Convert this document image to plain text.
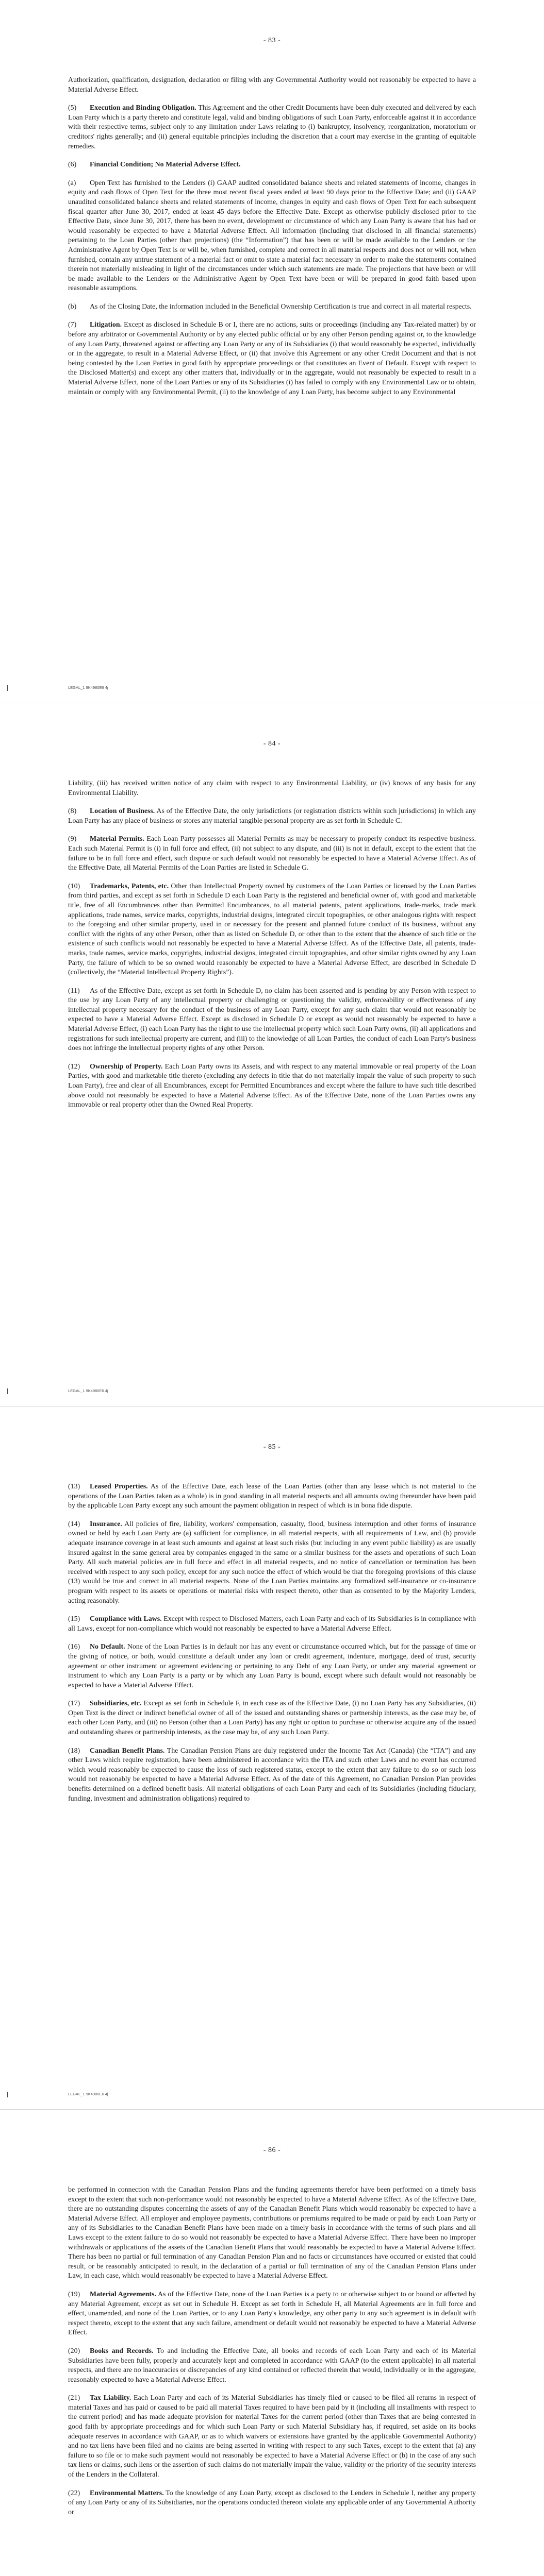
- 83 -

Authorization, qualification, designation, declaration or filing with any Governmental Authority would not reasonably be expected to have a Material Adverse Effect.

(5) Execution and Binding Obligation. This Agreement and the other Credit Documents have been duly executed and delivered by each Loan Party which is a party thereto and constitute legal, valid and binding obligations of such Loan Party, enforceable against it in accordance with their respective terms, subject only to any limitation under Laws relating to (i) bankruptcy, insolvency, reorganization, moratorium or creditors' rights generally; and (ii) general equitable principles including the discretion that a court may exercise in the granting of equitable remedies.

(6) Financial Condition; No Material Adverse Effect.

(a) Open Text has furnished to the Lenders (i) GAAP audited consolidated balance sheets and related statements of income, changes in equity and cash flows of Open Text for the three most recent fiscal years ended at least 90 days prior to the Effective Date; and (ii) GAAP unaudited consolidated balance sheets and related statements of income, changes in equity and cash flows of Open Text for each subsequent fiscal quarter after June 30, 2017, ended at least 45 days before the Effective Date. Except as otherwise publicly disclosed prior to the Effective Date, since June 30, 2017, there has been no event, development or circumstance of which any Loan Party is aware that has had or would reasonably be expected to have a Material Adverse Effect. All information (including that disclosed in all financial statements) pertaining to the Loan Parties (other than projections) (the “Information”) that has been or will be made available to the Lenders or the Administrative Agent by Open Text is or will be, when furnished, complete and correct in all material respects and does not or will not, when furnished, contain any untrue statement of a material fact or omit to state a material fact necessary in order to make the statements contained therein not materially misleading in light of the circumstances under which such statements are made. The projections that have been or will be made available to the Lenders or the Administrative Agent by Open Text have been or will be prepared in good faith based upon reasonable assumptions.

(b) As of the Closing Date, the information included in the Beneficial Ownership Certification is true and correct in all material respects.

(7) Litigation. Except as disclosed in Schedule B or I, there are no actions, suits or proceedings (including any Tax-related matter) by or before any arbitrator or Governmental Authority or by any elected public official or by any other Person pending against or, to the knowledge of any Loan Party, threatened against or affecting any Loan Party or any of its Subsidiaries (i) that would reasonably be expected, individually or in the aggregate, to result in a Material Adverse Effect, or (ii) that involve this Agreement or any other Credit Document and that is not being contested by the Loan Parties in good faith by appropriate proceedings or that constitutes an Event of Default. Except with respect to the Disclosed Matter(s) and except any other matters that, individually or in the aggregate, would not reasonably be expected to result in a Material Adverse Effect, none of the Loan Parties or any of its Subsidiaries (i) has failed to comply with any Environmental Law or to obtain, maintain or comply with any Environmental Permit, (ii) to the knowledge of any Loan Party, has become subject to any Environmental

LEGAL_1 9K4980E6 4j
- 84 -

Liability, (iii) has received written notice of any claim with respect to any Environmental Liability, or (iv) knows of any basis for any Environmental Liability.

(8) Location of Business. As of the Effective Date, the only jurisdictions (or registration districts within such jurisdictions) in which any Loan Party has any place of business or stores any material tangible personal property are as set forth in Schedule C.

(9) Material Permits. Each Loan Party possesses all Material Permits as may be necessary to properly conduct its respective business. Each such Material Permit is (i) in full force and effect, (ii) not subject to any dispute, and (iii) is not in default, except to the extent that the failure to be in full force and effect, such dispute or such default would not reasonably be expected to have a Material Adverse Effect. As of the Effective Date, all Material Permits of the Loan Parties are listed in Schedule G.

(10) Trademarks, Patents, etc. Other than Intellectual Property owned by customers of the Loan Parties or licensed by the Loan Parties from third parties, and except as set forth in Schedule D each Loan Party is the registered and beneficial owner of, with good and marketable title, free of all Encumbrances other than Permitted Encumbrances, to all material patents, patent applications, trade-marks, trade mark applications, trade names, service marks, copyrights, industrial designs, integrated circuit topographies, or other analogous rights with respect to the foregoing and other similar property, used in or necessary for the present and planned future conduct of its business, without any conflict with the rights of any other Person, other than as listed on Schedule D, or other than to the extent that the absence of such title or the existence of such conflicts would not reasonably be expected to have a Material Adverse Effect. As of the Effective Date, all patents, trade-marks, trade names, service marks, copyrights, industrial designs, integrated circuit topographies, and other similar rights owned by any Loan Party, the failure of which to be so owned would reasonably be expected to have a Material Adverse Effect, are described in Schedule D (collectively, the “Material Intellectual Property Rights”).

(11) As of the Effective Date, except as set forth in Schedule D, no claim has been asserted and is pending by any Person with respect to the use by any Loan Party of any intellectual property or challenging or questioning the validity, enforceability or effectiveness of any intellectual property necessary for the conduct of the business of any Loan Party, except for any such claim that would not reasonably be expected to have a Material Adverse Effect. Except as disclosed in Schedule D or except as would not reasonably be expected to have a Material Adverse Effect, (i) each Loan Party has the right to use the intellectual property which such Loan Party owns, (ii) all applications and registrations for such intellectual property are current, and (iii) to the knowledge of all Loan Parties, the conduct of each Loan Party's business does not infringe the intellectual property rights of any other Person.

(12) Ownership of Property. Each Loan Party owns its Assets, and with respect to any material immovable or real property of the Loan Parties, with good and marketable title thereto (excluding any defects in title that do not materially impair the value of such property to such Loan Party), free and clear of all Encumbrances, except for Permitted Encumbrances and except where the failure to have such title described above could not reasonably be expected to have a Material Adverse Effect. As of the Effective Date, none of the Loan Parties owns any immovable or real property other than the Owned Real Property.

LEGAL_1 9K4980E6 4j
- 85 -

(13) Leased Properties. As of the Effective Date, each lease of the Loan Parties (other than any lease which is not material to the operations of the Loan Parties taken as a whole) is in good standing in all material respects and all amounts owing thereunder have been paid by the applicable Loan Party except any such amount the payment obligation in respect of which is in bona fide dispute.

(14) Insurance. All policies of fire, liability, workers' compensation, casualty, flood, business interruption and other forms of insurance owned or held by each Loan Party are (a) sufficient for compliance, in all material respects, with all requirements of Law, and (b) provide adequate insurance coverage in at least such amounts and against at least such risks (but including in any event public liability) as are usually insured against in the same general area by companies engaged in the same or a similar business for the assets and operations of such Loan Party. All such material policies are in full force and effect in all material respects, and no notice of cancellation or termination has been received with respect to any such policy, except for any such notice the effect of which would be that the foregoing provisions of this clause (13) would be true and correct in all material respects. None of the Loan Parties maintains any formalized self-insurance or co-insurance program with respect to its assets or operations or material risks with respect thereto, other than as consented to by the Majority Lenders, acting reasonably.

(15) Compliance with Laws. Except with respect to Disclosed Matters, each Loan Party and each of its Subsidiaries is in compliance with all Laws, except for non-compliance which would not reasonably be expected to have a Material Adverse Effect.

(16) No Default. None of the Loan Parties is in default nor has any event or circumstance occurred which, but for the passage of time or the giving of notice, or both, would constitute a default under any loan or credit agreement, indenture, mortgage, deed of trust, security agreement or other instrument or agreement evidencing or pertaining to any Debt of any Loan Party, or under any material agreement or instrument to which any Loan Party is a party or by which any Loan Party is bound, except where such default would not reasonably be expected to have a Material Adverse Effect.

(17) Subsidiaries, etc. Except as set forth in Schedule F, in each case as of the Effective Date, (i) no Loan Party has any Subsidiaries, (ii) Open Text is the direct or indirect beneficial owner of all of the issued and outstanding shares or partnership interests, as the case may be, of each other Loan Party, and (iii) no Person (other than a Loan Party) has any right or option to purchase or otherwise acquire any of the issued and outstanding shares or partnership interests, as the case may be, of any such Loan Party.

(18) Canadian Benefit Plans. The Canadian Pension Plans are duly registered under the Income Tax Act (Canada) (the “ITA”) and any other Laws which require registration, have been administered in accordance with the ITA and such other Laws and no event has occurred which would reasonably be expected to cause the loss of such registered status, except to the extent that any failure to do so or such loss would not reasonably be expected to have a Material Adverse Effect. As of the date of this Agreement, no Canadian Pension Plan provides benefits determined on a defined benefit basis. All material obligations of each Loan Party and each of its Subsidiaries (including fiduciary, funding, investment and administration obligations) required to

LEGAL_1 9K4980E6 4j
- 86 -

be performed in connection with the Canadian Pension Plans and the funding agreements therefor have been performed on a timely basis except to the extent that such non-performance would not reasonably be expected to have a Material Adverse Effect. As of the Effective Date, there are no outstanding disputes concerning the assets of any of the Canadian Benefit Plans which would reasonably be expected to have a Material Adverse Effect. All employer and employee payments, contributions or premiums required to be made or paid by each Loan Party or any of its Subsidiaries to the Canadian Benefit Plans have been made on a timely basis in accordance with the terms of such plans and all Laws except to the extent failure to do so would not reasonably be expected to have a Material Adverse Effect. There have been no improper withdrawals or applications of the assets of the Canadian Benefit Plans that would reasonably be expected to have a Material Adverse Effect. There has been no partial or full termination of any Canadian Pension Plan and no facts or circumstances have occurred or existed that could result, or be reasonably anticipated to result, in the declaration of a partial or full termination of any of the Canadian Pension Plans under Law, in each case, which would reasonably be expected to have a Material Adverse Effect.

(19) Material Agreements. As of the Effective Date, none of the Loan Parties is a party to or otherwise subject to or bound or affected by any Material Agreement, except as set out in Schedule H. Except as set forth in Schedule H, all Material Agreements are in full force and effect, unamended, and none of the Loan Parties, or to any Loan Party's knowledge, any other party to any such agreement is in default with respect thereto, except to the extent that any such failure, amendment or default would not reasonably be expected to have a Material Adverse Effect.

(20) Books and Records. To and including the Effective Date, all books and records of each Loan Party and each of its Material Subsidiaries have been fully, properly and accurately kept and completed in accordance with GAAP (to the extent applicable) in all material respects, and there are no inaccuracies or discrepancies of any kind contained or reflected therein that would, individually or in the aggregate, reasonably expected to have a Material Adverse Effect.

(21) Tax Liability. Each Loan Party and each of its Material Subsidiaries has timely filed or caused to be filed all returns in respect of material Taxes and has paid or caused to be paid all material Taxes required to have been paid by it (including all installments with respect to the current period) and has made adequate provision for material Taxes for the current period (other than Taxes that are being contested in good faith by appropriate proceedings and for which such Loan Party or such Material Subsidiary has, if required, set aside on its books adequate reserves in accordance with GAAP, or as to which waivers or extensions have granted by the applicable Governmental Authority) and no tax liens have been filed and no claims are being asserted in writing with respect to any such Taxes, except to the extent that (a) any failure to so file or to make such payment would not reasonably be expected to have a Material Adverse Effect or (b) in the case of any such tax liens or claims, such liens or the assertion of such claims do not materially impair the value, validity or the priority of the security interests of the Lenders in the Collateral.

(22) Environmental Matters. To the knowledge of any Loan Party, except as disclosed to the Lenders in Schedule I, neither any property of any Loan Party or any of its Subsidiaries, nor the operations conducted thereon violate any applicable order of any Governmental Authority or
